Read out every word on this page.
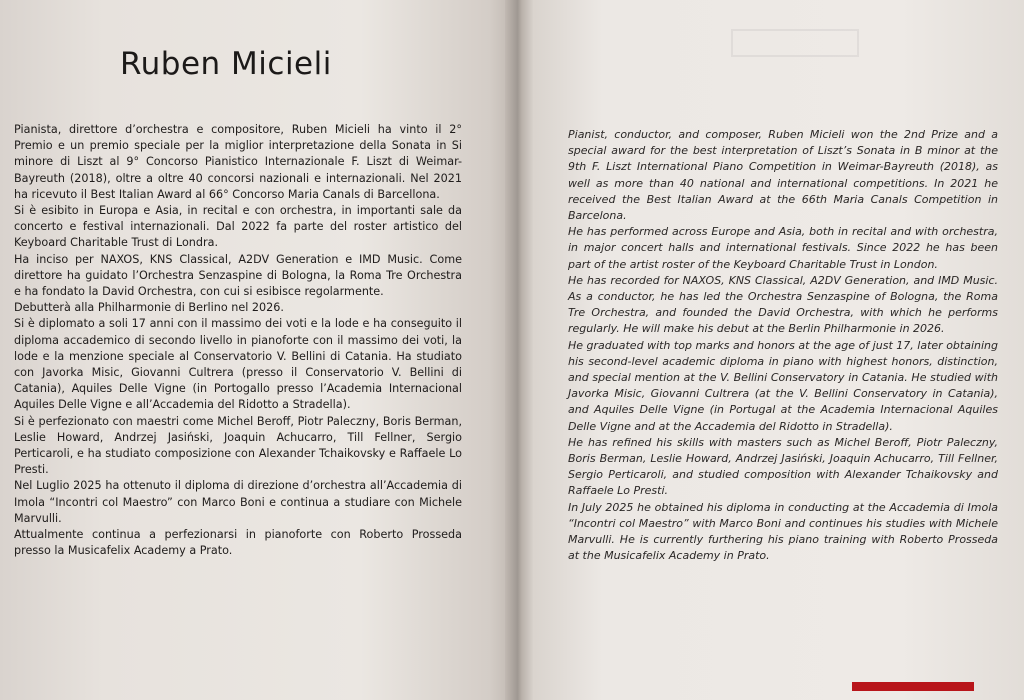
Ruben Micieli

Pianista, direttore d’orchestra e compositore, Ruben Micieli ha vinto il 2° Premio e un premio speciale per la miglior interpretazione della Sonata in Si minore di Liszt al 9° Concorso Pianistico Internazionale F. Liszt di Weimar-Bayreuth (2018), oltre a oltre 40 concorsi nazionali e internazionali. Nel 2021 ha ricevuto il Best Italian Award al 66° Concorso Maria Canals di Barcellona.

Si è esibito in Europa e Asia, in recital e con orchestra, in importanti sale da concerto e festival internazionali. Dal 2022 fa parte del roster artistico del Keyboard Charitable Trust di Londra.

Ha inciso per NAXOS, KNS Classical, A2DV Generation e IMD Music. Come direttore ha guidato l’Orchestra Senzaspine di Bologna, la Roma Tre Orchestra e ha fondato la David Orchestra, con cui si esibisce regolarmente.

Debutterà alla Philharmonie di Berlino nel 2026.

Si è diplomato a soli 17 anni con il massimo dei voti e la lode e ha conseguito il diploma accademico di secondo livello in pianoforte con il massimo dei voti, la lode e la menzione speciale al Conservatorio V. Bellini di Catania. Ha studiato con Javorka Misic, Giovanni Cultrera (presso il Conservatorio V. Bellini di Catania), Aquiles Delle Vigne (in Portogallo presso l’Academia Internacional Aquiles Delle Vigne e all’Accademia del Ridotto a Stradella).

Si è perfezionato con maestri come Michel Beroff, Piotr Paleczny, Boris Berman, Leslie Howard, Andrzej Jasiński, Joaquin Achucarro, Till Fellner, Sergio Perticaroli, e ha studiato composizione con Alexander Tchaikovsky e Raffaele Lo Presti.

Nel Luglio 2025 ha ottenuto il diploma di direzione d’orchestra all’Accademia di Imola “Incontri col Maestro” con Marco Boni e continua a studiare con Michele Marvulli.

Attualmente continua a perfezionarsi in pianoforte con Roberto Prosseda presso la Musicafelix Academy a Prato.

Pianist, conductor, and composer, Ruben Micieli won the 2nd Prize and a special award for the best interpretation of Liszt’s Sonata in B minor at the 9th F. Liszt International Piano Competition in Weimar-Bayreuth (2018), as well as more than 40 national and international competitions. In 2021 he received the Best Italian Award at the 66th Maria Canals Competition in Barcelona.

He has performed across Europe and Asia, both in recital and with orchestra, in major concert halls and international festivals. Since 2022 he has been part of the artist roster of the Keyboard Charitable Trust in London.

He has recorded for NAXOS, KNS Classical, A2DV Generation, and IMD Music. As a conductor, he has led the Orchestra Senzaspine of Bologna, the Roma Tre Orchestra, and founded the David Orchestra, with which he performs regularly. He will make his debut at the Berlin Philharmonie in 2026.

He graduated with top marks and honors at the age of just 17, later obtaining his second-level academic diploma in piano with highest honors, distinction, and special mention at the V. Bellini Conservatory in Catania. He studied with Javorka Misic, Giovanni Cultrera (at the V. Bellini Conservatory in Catania), and Aquiles Delle Vigne (in Portugal at the Academia Internacional Aquiles Delle Vigne and at the Accademia del Ridotto in Stradella).

He has refined his skills with masters such as Michel Beroff, Piotr Paleczny, Boris Berman, Leslie Howard, Andrzej Jasiński, Joaquin Achucarro, Till Fellner, Sergio Perticaroli, and studied composition with Alexander Tchaikovsky and Raffaele Lo Presti.

In July 2025 he obtained his diploma in conducting at the Accademia di Imola “Incontri col Maestro” with Marco Boni and continues his studies with Michele Marvulli. He is currently furthering his piano training with Roberto Prosseda at the Musicafelix Academy in Prato.
